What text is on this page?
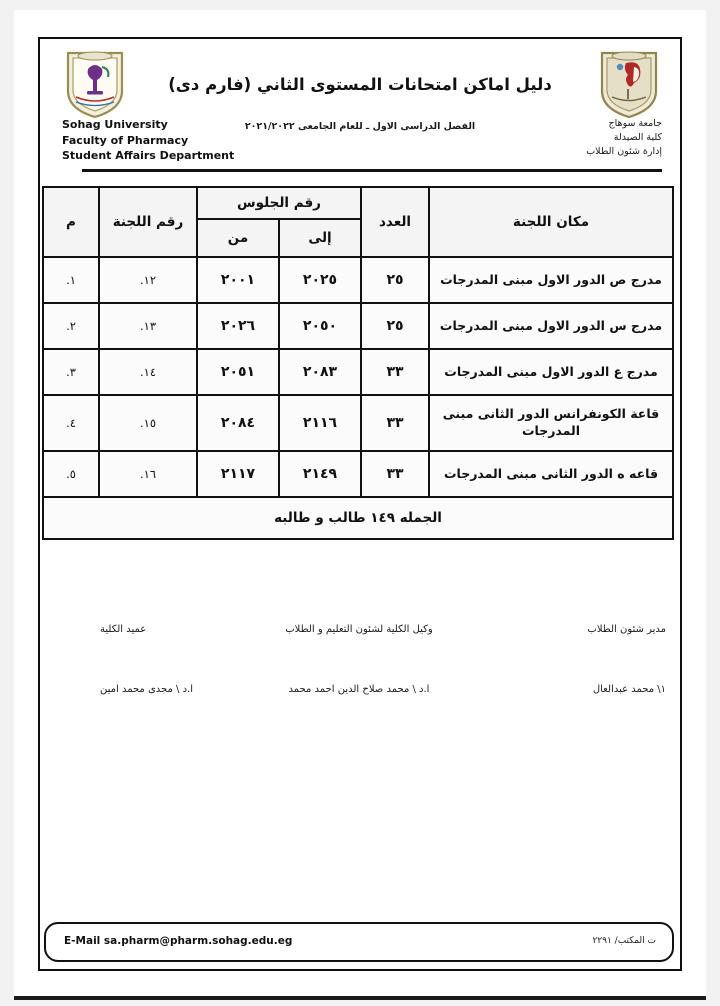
دليل اماكن امتحانات المستوى الثاني (فارم دى)
الفصل الدراسى الاول ـ للعام الجامعى ٢٠٢١/٢٠٢٢	جامعة سوهاج
كلية الصيدلة
إدارة شئون الطلاب
Sohag University
Faculty of Pharmacy
Student Affairs Department
مكان اللجنة	العدد	رقم الجلوس		رقم اللجنة	م
		إلى	من		
مدرج ص الدور الاول مبنى المدرجات	٢٥	٢٠٢٥	٢٠٠١	١٢.	١.
مدرج س الدور الاول مبنى المدرجات	٢٥	٢٠٥٠	٢٠٢٦	١٣.	٢.
مدرج ع الدور الاول مبنى المدرجات	٣٣	٢٠٨٣	٢٠٥١	١٤.	٣.
قاعة الكونفرانس الدور الثانى مبنى المدرجات	٣٣	٢١١٦	٢٠٨٤	١٥.	٤.
قاعه ه الدور الثانى مبنى المدرجات	٣٣	٢١٤٩	٢١١٧	١٦.	٥.
الجمله ١٤٩ طالب و طالبه					
مدير شئون الطلاب
وكيل الكلية لشئون التعليم و الطلاب
عميد الكلية
١\ محمد عبدالعال
ا.د \ محمد صلاح الدين احمد محمد
ا.د \ مجدى محمد امين
E-Mail sa.pharm@pharm.sohag.edu.eg	ت المكتب/ ٢٢٩١
